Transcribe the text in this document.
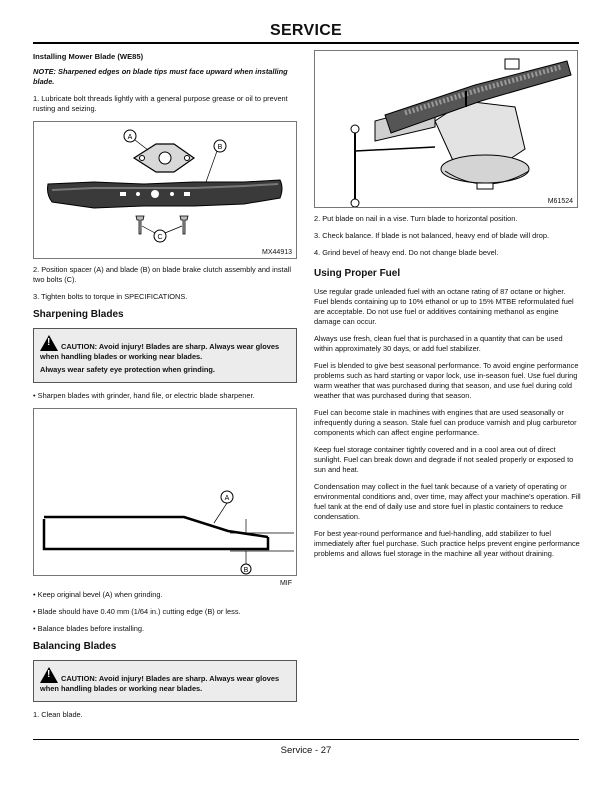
SERVICE

Installing Mower Blade (WE85)

NOTE: Sharpened edges on blade tips must face upward when installing blade.

1. Lubricate bolt threads lightly with a general purpose grease or oil to prevent rusting and seizing.

A
B
C
MX44913

2. Position spacer (A) and blade (B) on blade brake clutch assembly and install two bolts (C).

3. Tighten bolts to torque in SPECIFICATIONS.

Sharpening Blades

! CAUTION: Avoid injury! Blades are sharp. Always wear gloves when handling blades or working near blades.

Always wear safety eye protection when grinding.

• Sharpen blades with grinder, hand file, or electric blade sharpener.

A
B
MIF

• Keep original bevel (A) when grinding.

• Blade should have 0.40 mm (1/64 in.) cutting edge (B) or less.

• Balance blades before installing.

Balancing Blades

! CAUTION: Avoid injury! Blades are sharp. Always wear gloves when handling blades or working near blades.

1. Clean blade.

M61524

2. Put blade on nail in a vise. Turn blade to horizontal position.

3. Check balance. If blade is not balanced, heavy end of blade will drop.

4. Grind bevel of heavy end. Do not change blade bevel.

Using Proper Fuel

Use regular grade unleaded fuel with an octane rating of 87 octane or higher. Fuel blends containing up to 10% ethanol or up to 15% MTBE reformulated fuel are acceptable. Do not use fuel or additives containing methanol as engine damage can occur.

Always use fresh, clean fuel that is purchased in a quantity that can be used within approximately 30 days, or add fuel stabilizer.

Fuel is blended to give best seasonal performance. To avoid engine performance problems such as hard starting or vapor lock, use in-season fuel. Use fuel during warm weather that was purchased during that season, and use fuel during cold weather that was purchased during that season.

Fuel can become stale in machines with engines that are used seasonally or infrequently during a season. Stale fuel can produce varnish and plug carburetor components which can affect engine performance.

Keep fuel storage container tightly covered and in a cool area out of direct sunlight. Fuel can break down and degrade if not sealed properly or exposed to sun and heat.

Condensation may collect in the fuel tank because of a variety of operating or environmental conditions and, over time, may affect your machine's operation. Fill fuel tank at the end of daily use and store fuel in plastic containers to reduce condensation.

For best year-round performance and fuel-handling, add stabilizer to fuel immediately after fuel purchase. Such practice helps prevent engine performance problems and allows fuel storage in the machine all year without draining.

Service - 27
